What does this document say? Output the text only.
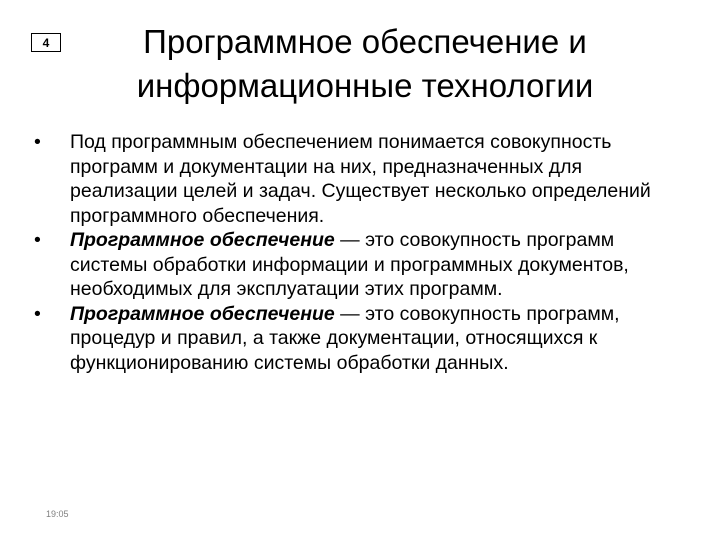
4	Программное обеспечение и
информационные технологии
•	Под программным обеспечением понимается совокупность программ и документации на них, предназначенных для реализации целей и задач. Существует несколько определений программного обеспечения.
•	Программное обеспечение — это совокупность программ системы обработки информации и программных документов, необходимых для эксплуатации этих программ.
•	Программное обеспечение — это совокупность программ, процедур и правил, а также документации, относящихся к функционированию системы обработки данных.
19:05
